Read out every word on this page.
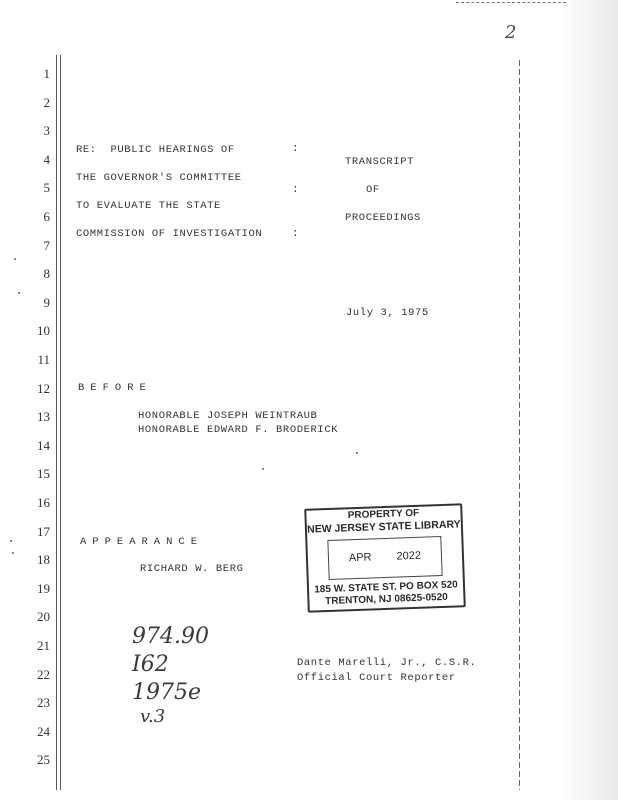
2
1
2
3
4
5
6
7
8
9
10
11
12
13
14
15
16
17
18
19
20
21
22
23
24
25
RE:  PUBLIC HEARINGS OF
THE GOVERNOR'S COMMITTEE
TO EVALUATE THE STATE
COMMISSION OF INVESTIGATION
:
:
:
TRANSCRIPT
OF
PROCEEDINGS
July 3, 1975
BEFORE
HONORABLE JOSEPH WEINTRAUB
HONORABLE EDWARD F. BRODERICK
APPEARANCE
RICHARD W. BERG
PROPERTY OF
NEW JERSEY STATE LIBRARY
APR 2022
185 W. STATE ST. PO BOX 520
TRENTON, NJ 08625-0520
Dante Marelli, Jr., C.S.R.
Official Court Reporter
974.90
I62
1975e
v.3
